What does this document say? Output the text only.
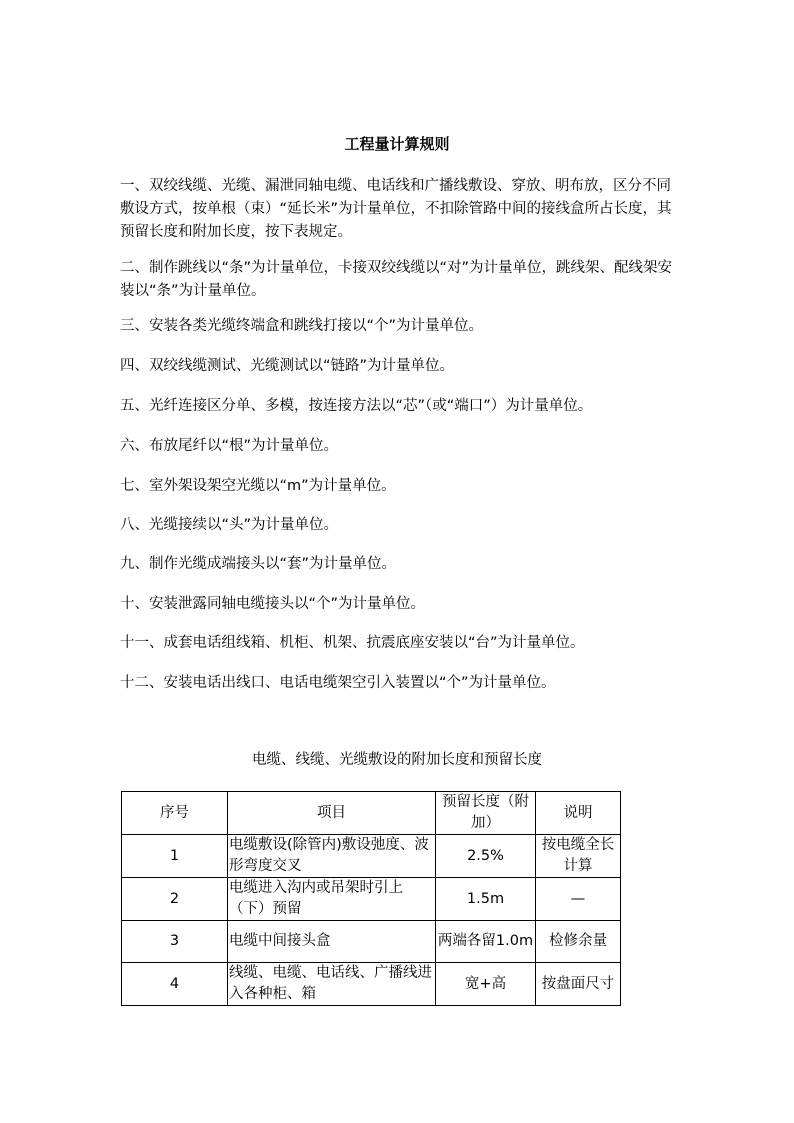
工程量计算规则
一、双绞线缆、光缆、漏泄同轴电缆、电话线和广播线敷设、穿放、明布放，区分不同敷设方式，按单根（束）“延长米”为计量单位，不扣除管路中间的接线盒所占长度，其预留长度和附加长度，按下表规定。
二、制作跳线以“条”为计量单位，卡接双绞线缆以“对”为计量单位，跳线架、配线架安装以“条”为计量单位。
三、安装各类光缆终端盒和跳线打接以“个”为计量单位。
四、双绞线缆测试、光缆测试以“链路”为计量单位。
五、光纤连接区分单、多模，按连接方法以“芯”（或“端口”）为计量单位。
六、布放尾纤以“根”为计量单位。
七、室外架设架空光缆以“m”为计量单位。
八、光缆接续以“头”为计量单位。
九、制作光缆成端接头以“套”为计量单位。
十、安装泄露同轴电缆接头以“个”为计量单位。
十一、成套电话组线箱、机柜、机架、抗震底座安装以“台”为计量单位。
十二、安装电话出线口、电话电缆架空引入装置以“个”为计量单位。
电缆、线缆、光缆敷设的附加长度和预留长度
序号	项目	预留长度（附加）	说明
1	电缆敷设(除管内)敷设弛度、波形弯度交叉	2.5%	按电缆全长计算
2	电缆进入沟内或吊架时引上（下）预留	1.5m	—
3	电缆中间接头盒	两端各留1.0m	检修余量
4	线缆、电缆、电话线、广播线进入各种柜、箱	宽+高	按盘面尺寸
